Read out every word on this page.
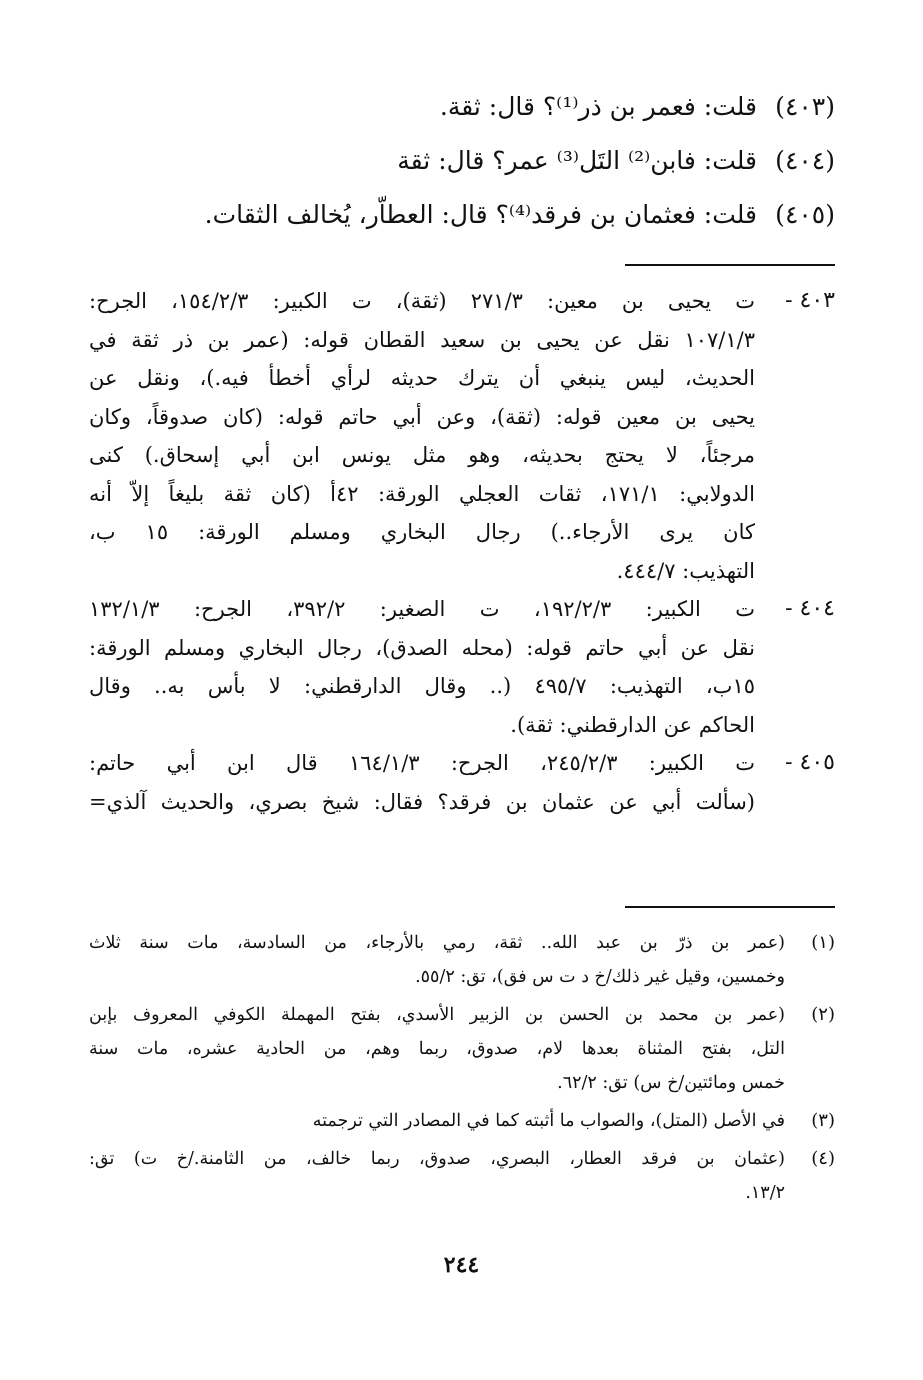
(٤٠٣)
قلت: فعمر بن ذر⁽¹⁾؟ قال: ثقة.
(٤٠٤)
قلت: فابن⁽²⁾ التَل⁽³⁾ عمر؟ قال: ثقة
(٤٠٥)
قلت: فعثمان بن فرقد⁽⁴⁾؟ قال: العطاّر، يُخالف الثقات.
٤٠٣ -
ت يحيى بن معين: ٢٧١/٣ (ثقة)، ت الكبير: ١٥٤/٢/٣، الجرح:
١٠٧/١/٣ نقل عن يحيى بن سعيد القطان قوله: (عمر بن ذر ثقة في
الحديث، ليس ينبغي أن يترك حديثه لرأي أخطأ فيه.)، ونقل عن
يحيى بن معين قوله: (ثقة)، وعن أبي حاتم قوله: (كان صدوقاً، وكان
مرجئاً، لا يحتج بحديثه، وهو مثل يونس ابن أبي إسحاق.) كنى
الدولابي: ١٧١/١، ثقات العجلي الورقة: ٤٢أ (كان ثقة بليغاً إلاّ أنه
كان يرى الأرجاء..) رجال البخاري ومسلم الورقة: ١٥ ب،
التهذيب: ٤٤٤/٧.
٤٠٤ -
ت الكبير: ١٩٢/٢/٣، ت الصغير: ٣٩٢/٢، الجرح: ١٣٢/١/٣
نقل عن أبي حاتم قوله: (محله الصدق)، رجال البخاري ومسلم الورقة:
١٥ب، التهذيب: ٤٩٥/٧ (.. وقال الدارقطني: لا بأس به.. وقال
الحاكم عن الدارقطني: ثقة).
٤٠٥ -
ت الكبير: ٢٤٥/٢/٣، الجرح: ١٦٤/١/٣ قال ابن أبي حاتم:
(سألت أبي عن عثمان بن فرقد؟ فقال: شيخ بصري، والحديث آلذي=
(١)
(عمر بن ذرّ بن عبد الله.. ثقة، رمي بالأرجاء، من السادسة، مات سنة ثلاث
وخمسين، وقيل غير ذلك/خ د ت س فق)، تق: ٥٥/٢.
(٢)
(عمر بن محمد بن الحسن بن الزبير الأسدي، بفتح المهملة الكوفي المعروف بإبن
التل، بفتح المثناة بعدها لام، صدوق، ربما وهم، من الحادية عشره، مات سنة
خمس ومائتين/خ س) تق: ٦٢/٢.
(٣)
في الأصل (المتل)، والصواب ما أثبته كما في المصادر التي ترجمته
(٤)
(عثمان بن فرقد العطار، البصري، صدوق، ربما خالف، من الثامنة./خ ت) تق:
١٣/٢.
٢٤٤
